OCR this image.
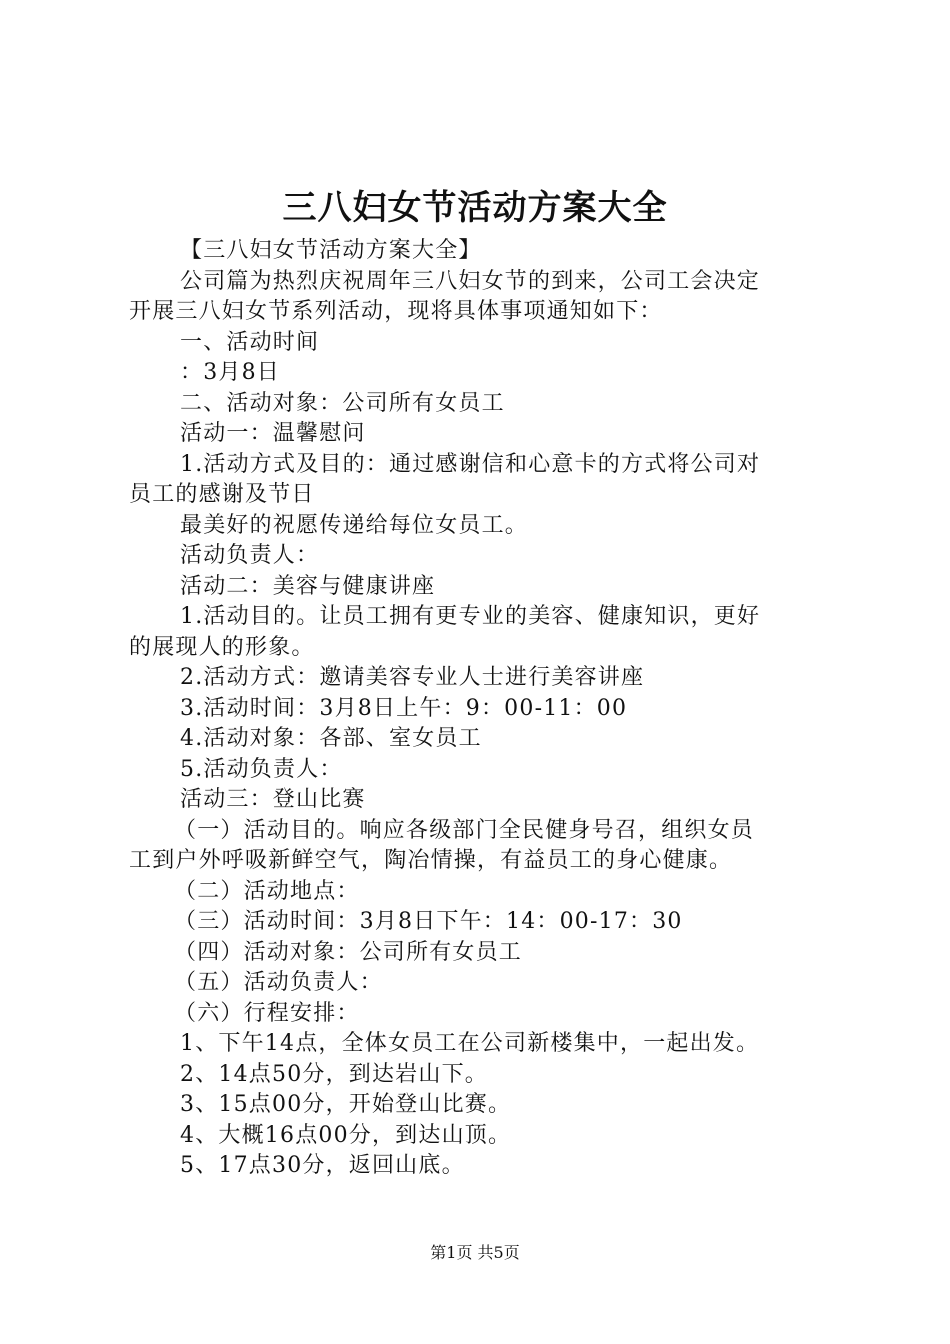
三八妇女节活动方案大全

【三八妇女节活动方案大全】

公司篇为热烈庆祝周年三八妇女节的到来，公司工会决定

开展三八妇女节系列活动，现将具体事项通知如下：

一、活动时间

：3月8日

二、活动对象：公司所有女员工

活动一：温馨慰问

1.活动方式及目的：通过感谢信和心意卡的方式将公司对

员工的感谢及节日

最美好的祝愿传递给每位女员工。

活动负责人：

活动二：美容与健康讲座

1.活动目的。让员工拥有更专业的美容、健康知识，更好

的展现人的形象。

2.活动方式：邀请美容专业人士进行美容讲座

3.活动时间：3月8日上午：9：00-11：00

4.活动对象：各部、室女员工

5.活动负责人：

活动三：登山比赛

（一）活动目的。响应各级部门全民健身号召，组织女员

工到户外呼吸新鲜空气，陶冶情操，有益员工的身心健康。

（二）活动地点：

（三）活动时间：3月8日下午：14：00-17：30

（四）活动对象：公司所有女员工

（五）活动负责人：

（六）行程安排：

1、下午14点，全体女员工在公司新楼集中，一起出发。

2、14点50分，到达岩山下。

3、15点00分，开始登山比赛。

4、大概16点00分，到达山顶。

5、17点30分，返回山底。

第1页 共5页
